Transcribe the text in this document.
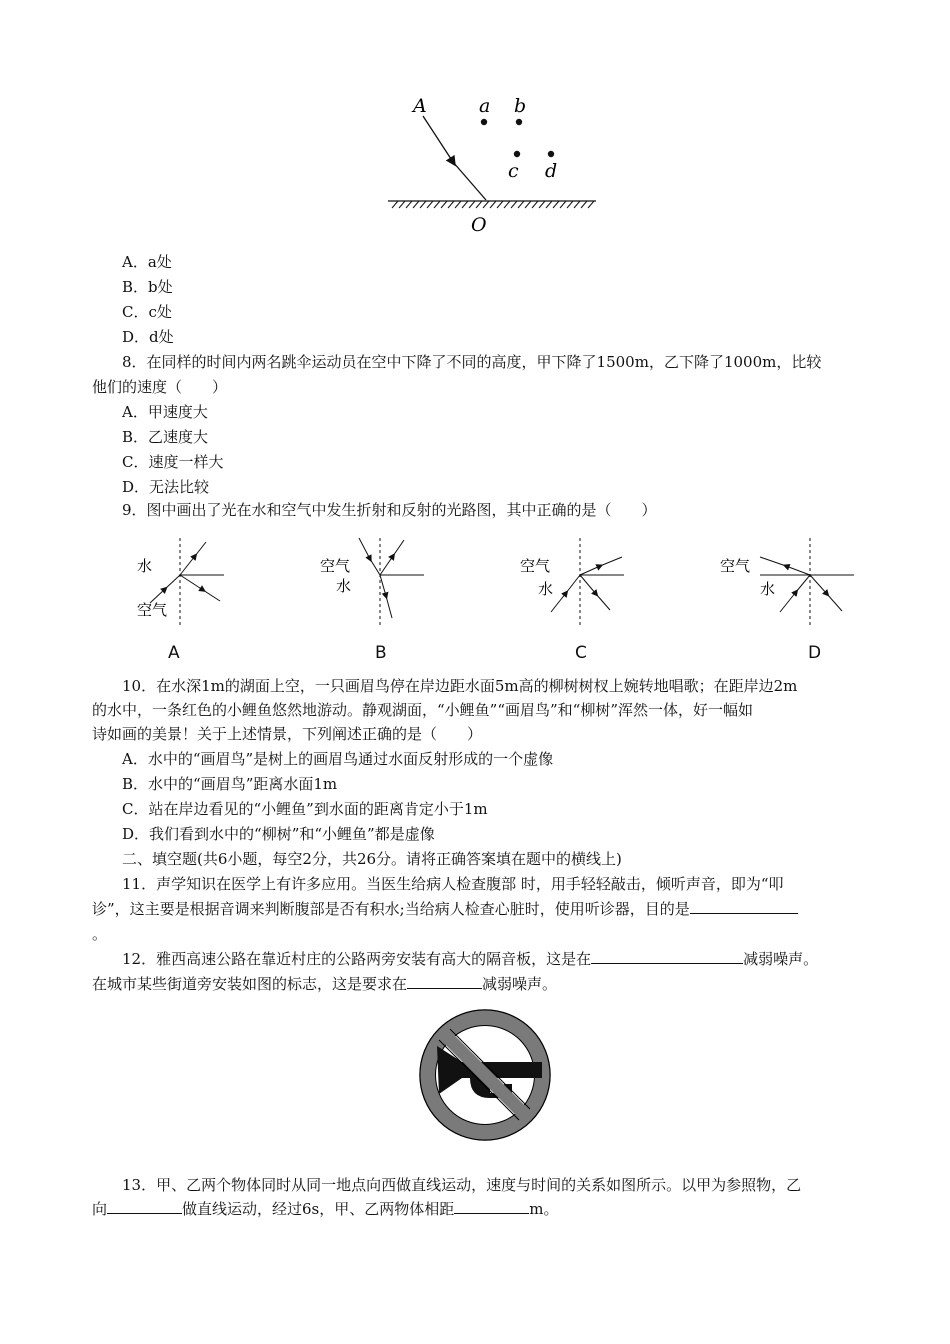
A	a b
c d
O
A．a处
B．b处
C．c处
D．d处
8．在同样的时间内两名跳伞运动员在空中下降了不同的高度，甲下降了1500m，乙下降了1000m，比较
他们的速度（　　）
A．甲速度大
B．乙速度大
C．速度一样大
D．无法比较
9．图中画出了光在水和空气中发生折射和反射的光路图，其中正确的是（　　）
水
空气
空气
水
空气
水
空气
水
A	B	C	D
10．在水深1m的湖面上空，一只画眉鸟停在岸边距水面5m高的柳树树杈上婉转地唱歌；在距岸边2m
的水中，一条红色的小鲤鱼悠然地游动。静观湖面，“小鲤鱼”“画眉鸟”和“柳树”浑然一体，好一幅如
诗如画的美景！关于上述情景，下列阐述正确的是（　　）
A．水中的“画眉鸟”是树上的画眉鸟通过水面反射形成的一个虚像
B．水中的“画眉鸟”距离水面1m
C．站在岸边看见的“小鲤鱼”到水面的距离肯定小于1m
D．我们看到水中的“柳树”和“小鲤鱼”都是虚像
二、填空题(共6小题，每空2分，共26分。请将正确答案填在题中的横线上)
11．声学知识在医学上有许多应用。当医生给病人检查腹部 时，用手轻轻敲击，倾听声音，即为“叩
诊”，这主要是根据音调来判断腹部是否有积水;当给病人检查心脏时，使用听诊器，目的是
。
12．雅西高速公路在靠近村庄的公路两旁安装有高大的隔音板，这是在	减弱噪声。
在城市某些街道旁安装如图的标志，这是要求在	减弱噪声。
13．甲、乙两个物体同时从同一地点向西做直线运动，速度与时间的关系如图所示。以甲为参照物，乙
向	做直线运动，经过6s，甲、乙两物体相距	m。
